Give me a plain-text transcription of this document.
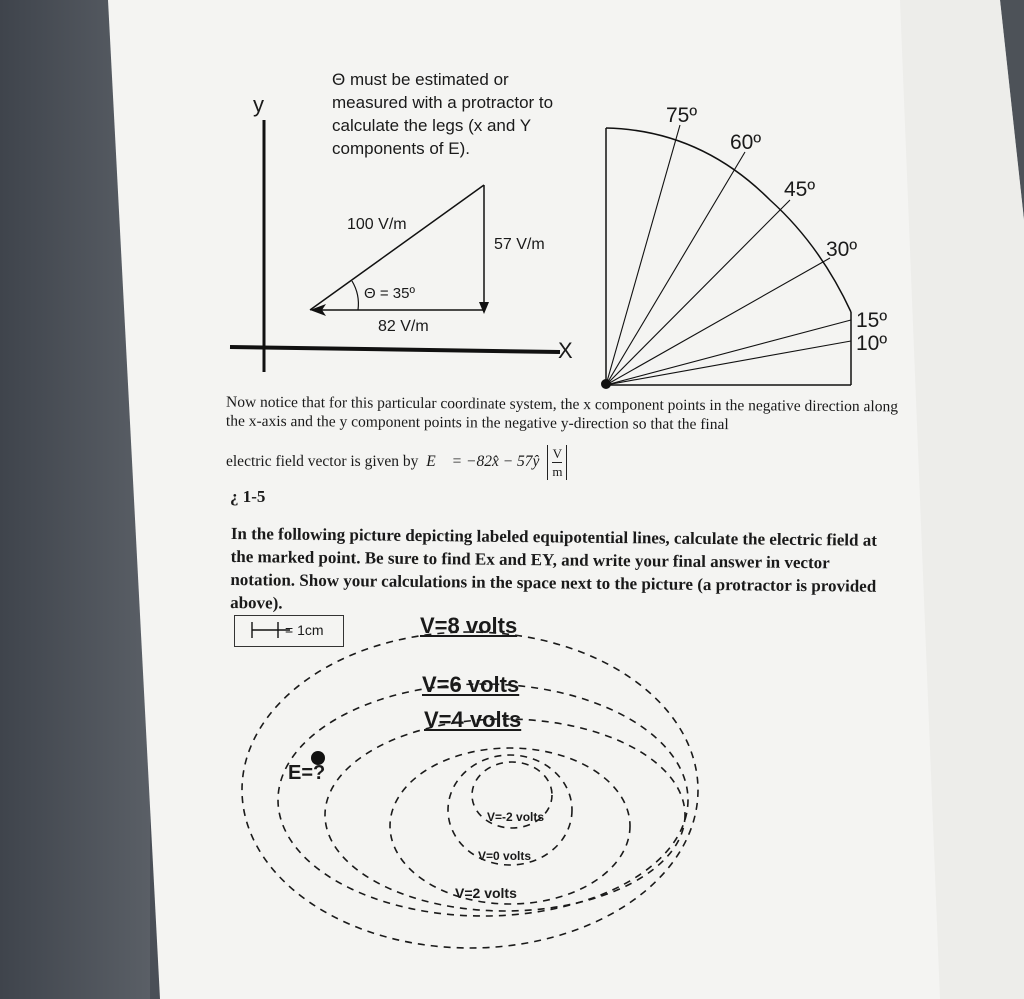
y
X
Θ must be estimated or measured with a protractor to calculate the legs (x and Y components of E).
100 V/m
57 V/m
Θ = 35º
82 V/m
75º
60º
45º
30º
15º
10º
Now notice that for this particular coordinate system, the x component points in the negative direction along the x-axis and the y component points in the negative y-direction so that the final
electric field vector is given by E⃗ = −82x̂ − 57ŷ $\frac{V}{m}$
¿ 1-5
In the following picture depicting labeled equipotential lines, calculate the electric field at the marked point. Be sure to find Ex and EY, and write your final answer in vector notation. Show your calculations in the space next to the picture (a protractor is provided above).
= 1cm	V=8 volts
V=6 volts
V=4 volts
V=2 volts
V=0 volts
V=-2 volts
E=?
